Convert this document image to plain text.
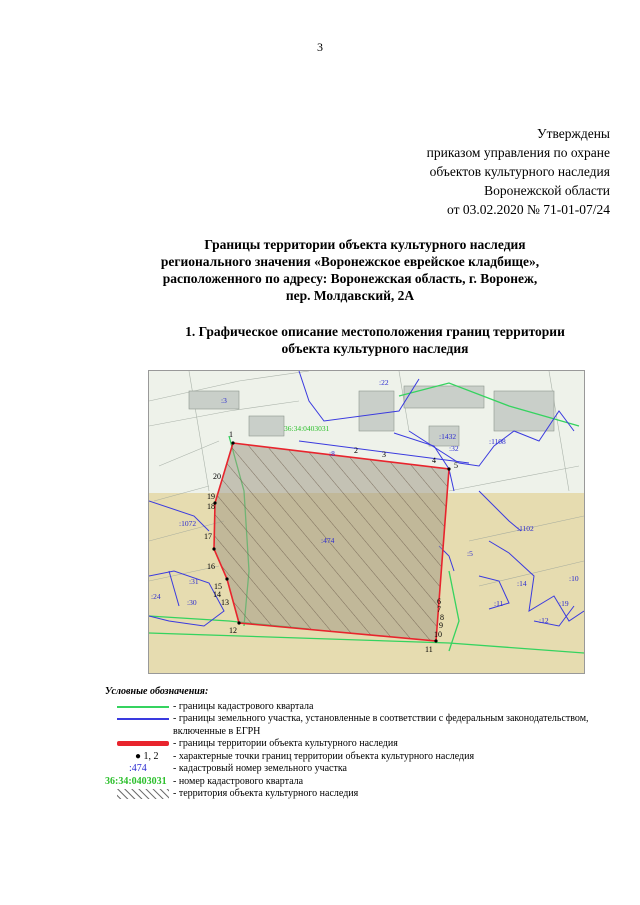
3
Утверждены
приказом управления по охране
объектов культурного наследия
Воронежской области
от 03.02.2020 № 71-01-07/24
Границы территории объекта культурного наследия
регионального значения «Воронежское еврейское кладбище»,
расположенного по адресу: Воронежская область, г. Воронеж,
пер. Молдавский, 2А
1. Графическое описание местоположения границ территории
объекта культурного наследия
1
2	3
4
5
6
7
8
9
10
11
12
13
14
15
16
17
18
19
20
:474
:22
:1432
:32
:1108
:8
:1102
:1072
:5
:14
:10
:11	:19
:12
:31
:30
:24
:3
36:34:0403031
Условные обозначения:
- границы кадастрового квартала
- границы земельного участка, установленные в соответствии с федеральным законодательством, включенные в ЕГРН
- границы территории объекта культурного наследия
● 1, 2 - характерные точки границ территории объекта культурного наследия
:474	- кадастровый номер земельного участка
36:34:0403031 - номер кадастрового квартала
- территория объекта культурного наследия
